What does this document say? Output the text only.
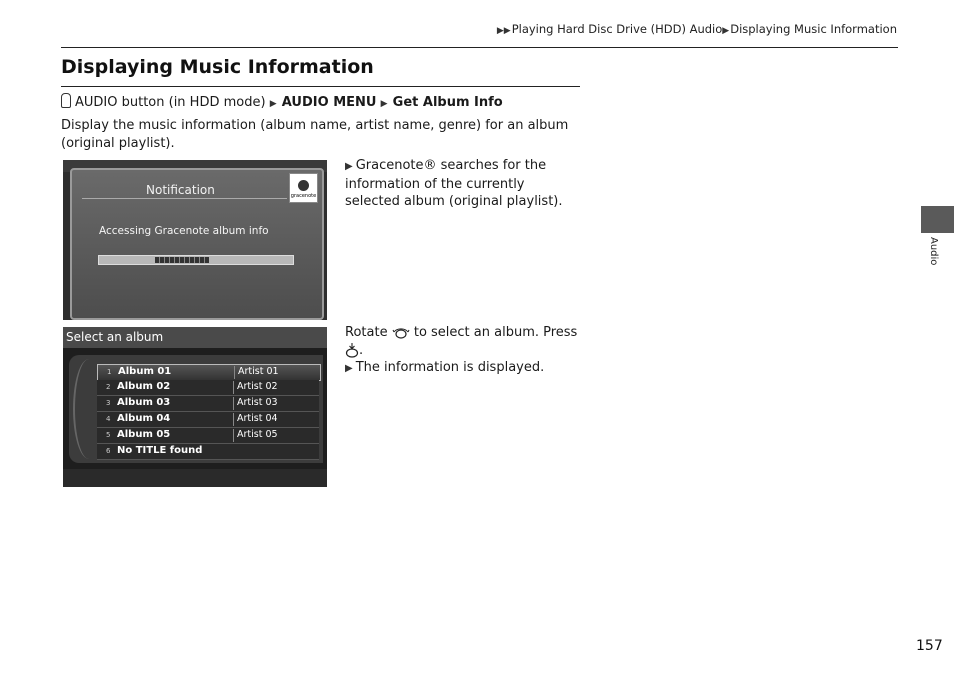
▶▶Playing Hard Disc Drive (HDD) Audio▶Displaying Music Information
Displaying Music Information
AUDIO button (in HDD mode) ▶ AUDIO MENU ▶ Get Album Info
Display the music information (album name, artist name, genre) for an album (original playlist).
Notification	gracenote
Accessing Gracenote album info
▶ Gracenote® searches for the information of the currently selected album (original playlist).
Select an album
1 Album 01	Artist 01
2 Album 02	Artist 02
3 Album 03	Artist 03
4 Album 04	Artist 04
5 Album 05	Artist 05
6 No TITLE found
Rotate to select an album. Press
.
▶ The information is displayed.
Audio
157
